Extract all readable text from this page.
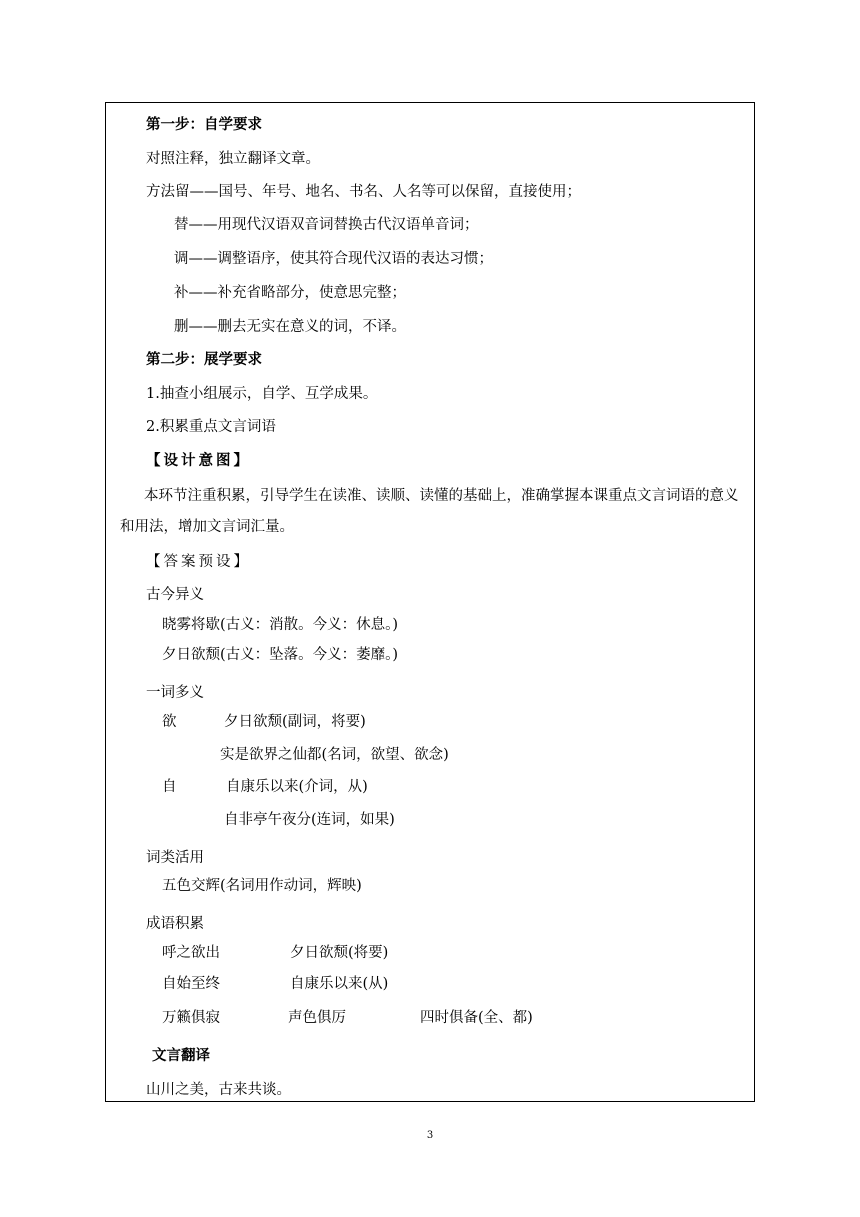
第一步：自学要求
对照注释，独立翻译文章。
方法留——国号、年号、地名、书名、人名等可以保留，直接使用；
替——用现代汉语双音词替换古代汉语单音词；
调——调整语序，使其符合现代汉语的表达习惯；
补——补充省略部分，使意思完整；
删——删去无实在意义的词，不译。
第二步：展学要求
1.抽查小组展示，自学、互学成果。
2.积累重点文言词语
【设计意图】
本环节注重积累，引导学生在读准、读顺、读懂的基础上，准确掌握本课重点文言词语的意义和用法，增加文言词汇量。
【答案预设】
古今异义
晓雾将歇(古义：消散。今义：休息。)
夕日欲颓(古义：坠落。今义：萎靡。)
一词多义
欲	夕日欲颓(副词，将要)
实是欲界之仙都(名词，欲望、欲念)
自	自康乐以来(介词，从)
自非亭午夜分(连词，如果)
词类活用
五色交辉(名词用作动词，辉映)
成语积累
呼之欲出	夕日欲颓(将要)
自始至终	自康乐以来(从)
万籁俱寂	声色俱厉	四时俱备(全、都)
文言翻译
山川之美，古来共谈。
3
